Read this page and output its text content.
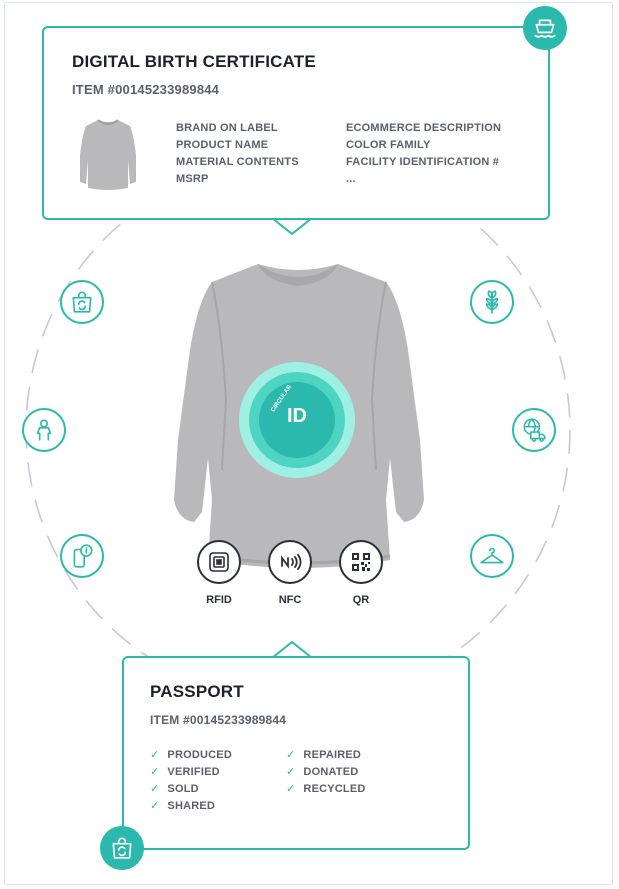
CIRCULAR
ID
DIGITAL BIRTH CERTIFICATE
ITEM #00145233989844
BRAND ON LABEL	ECOMMERCE DESCRIPTION
PRODUCT NAME	COLOR FAMILY
MATERIAL CONTENTS	FACILITY IDENTIFICATION #
MSRP	...
RFID	NFC	QR
PASSPORT
ITEM #00145233989844
✓ PRODUCED	✓ REPAIRED
✓ VERIFIED	✓ DONATED
✓ SOLD	✓ RECYCLED
✓ SHARED
